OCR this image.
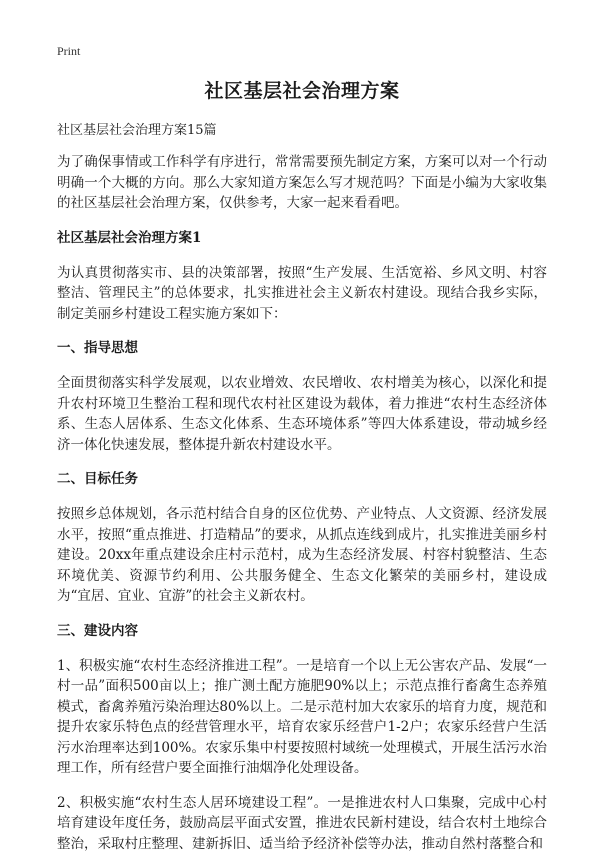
Print
社区基层社会治理方案
社区基层社会治理方案15篇

为了确保事情或工作科学有序进行，常常需要预先制定方案，方案可以对一个行动明确一个大概的方向。那么大家知道方案怎么写才规范吗？下面是小编为大家收集的社区基层社会治理方案，仅供参考，大家一起来看看吧。

社区基层社会治理方案1

为认真贯彻落实市、县的决策部署，按照“生产发展、生活宽裕、乡风文明、村容整洁、管理民主”的总体要求，扎实推进社会主义新农村建设。现结合我乡实际，制定美丽乡村建设工程实施方案如下：

一、指导思想

全面贯彻落实科学发展观，以农业增效、农民增收、农村增美为核心，以深化和提升农村环境卫生整治工程和现代农村社区建设为载体，着力推进“农村生态经济体系、生态人居体系、生态文化体系、生态环境体系”等四大体系建设，带动城乡经济一体化快速发展，整体提升新农村建设水平。

二、目标任务

按照乡总体规划，各示范村结合自身的区位优势、产业特点、人文资源、经济发展水平，按照“重点推进、打造精品”的要求，从抓点连线到成片，扎实推进美丽乡村建设。20xx年重点建设余庄村示范村，成为生态经济发展、村容村貌整洁、生态环境优美、资源节约利用、公共服务健全、生态文化繁荣的美丽乡村，建设成为“宜居、宜业、宜游”的社会主义新农村。

三、建设内容

1、积极实施“农村生态经济推进工程”。一是培育一个以上无公害农产品、发展“一村一品”面积500亩以上；推广测土配方施肥90%以上；示范点推行畜禽生态养殖模式，畜禽养殖污染治理达80%以上。二是示范村加大农家乐的培育力度，规范和提升农家乐特色点的经营管理水平，培育农家乐经营户1-2户；农家乐经营户生活污水治理率达到100%。农家乐集中村要按照村域统一处理模式，开展生活污水治理工作，所有经营户要全面推行油烟净化处理设备。

2、积极实施“农村生态人居环境建设工程”。一是推进农村人口集聚，完成中心村培育建设年度任务，鼓励高层平面式安置，推进农民新村建设，结合农村土地综合整治，采取村庄整理、建新拆旧、适当给予经济补偿等办法，推动自然村落整合和
